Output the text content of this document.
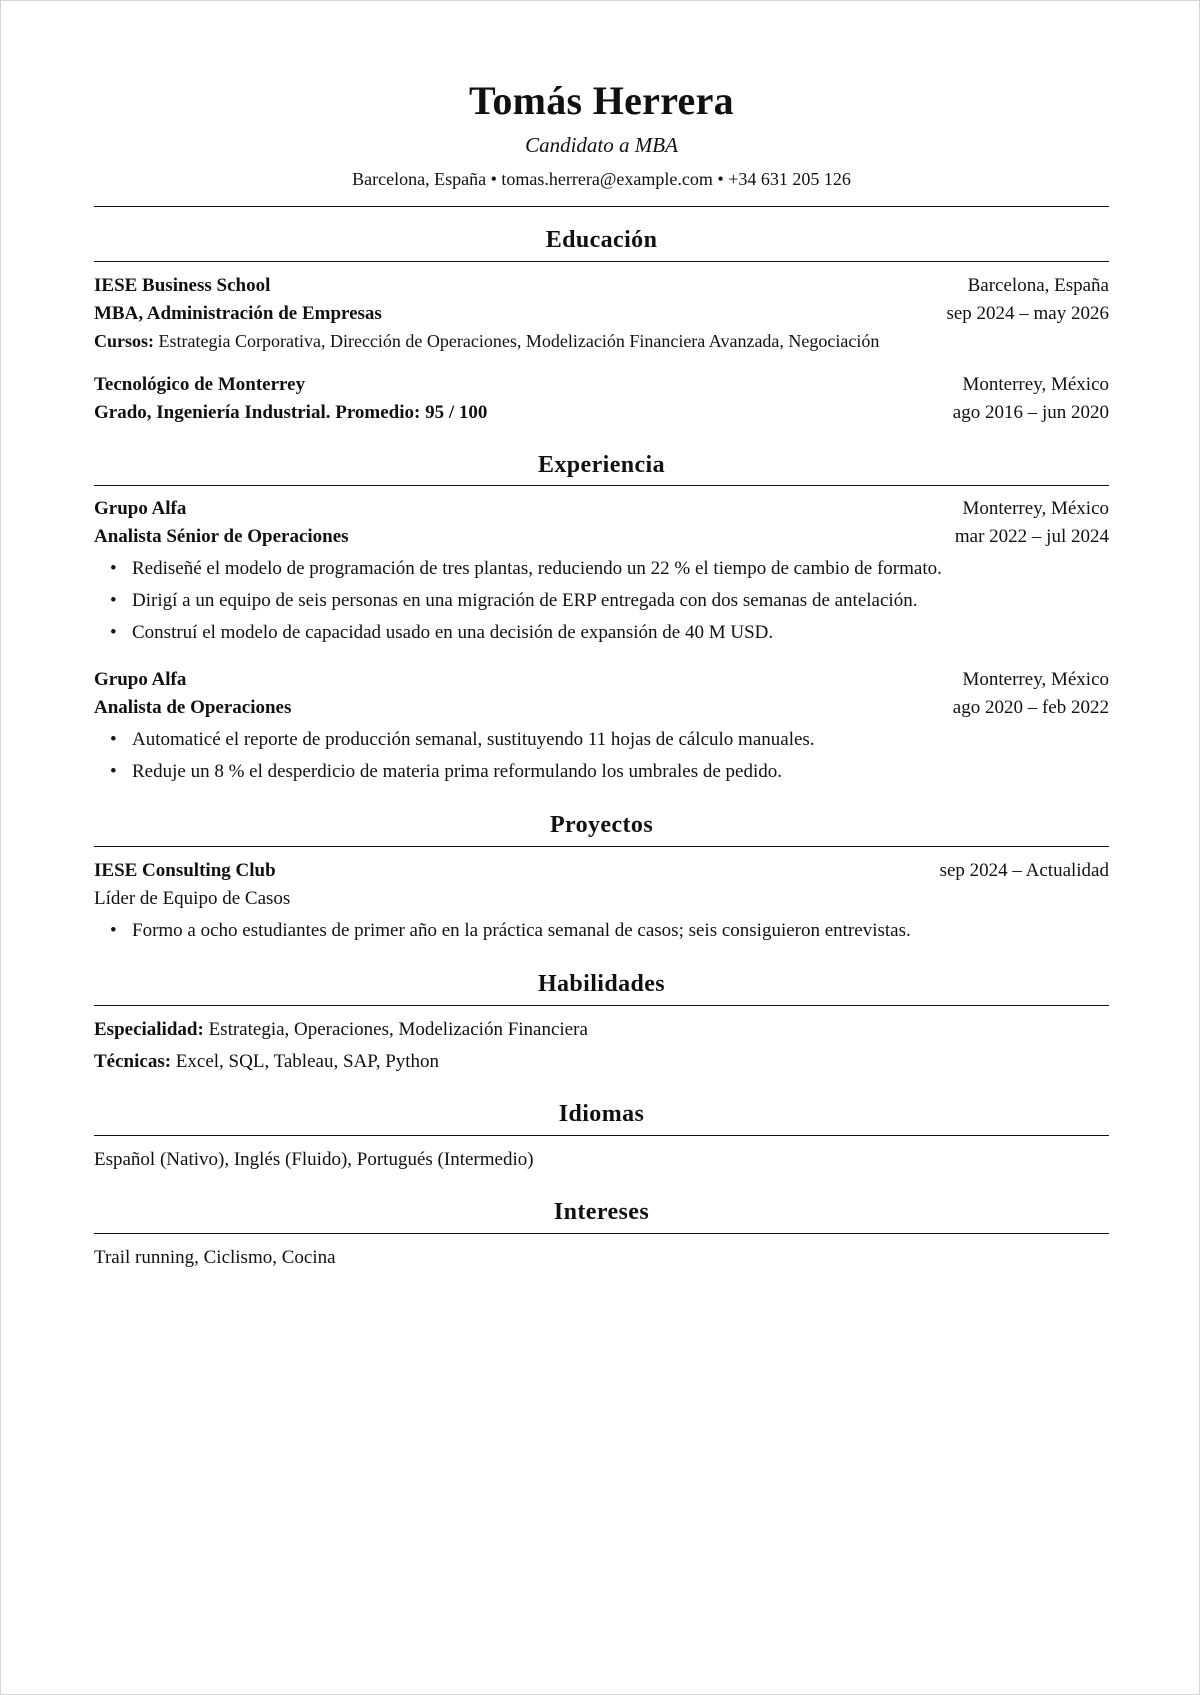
Tomás Herrera
Candidato a MBA
Barcelona, España • tomas.herrera@example.com • +34 631 205 126
Educación
IESE Business School	Barcelona, España
MBA, Administración de Empresas	sep 2024 – may 2026
Cursos: Estrategia Corporativa, Dirección de Operaciones, Modelización Financiera Avanzada, Negociación
Tecnológico de Monterrey	Monterrey, México
Grado, Ingeniería Industrial. Promedio: 95 / 100	ago 2016 – jun 2020
Experiencia
Grupo Alfa	Monterrey, México
Analista Sénior de Operaciones	mar 2022 – jul 2024
• Rediseñé el modelo de programación de tres plantas, reduciendo un 22 % el tiempo de cambio de formato.
• Dirigí a un equipo de seis personas en una migración de ERP entregada con dos semanas de antelación.
• Construí el modelo de capacidad usado en una decisión de expansión de 40 M USD.
Grupo Alfa	Monterrey, México
Analista de Operaciones	ago 2020 – feb 2022
• Automaticé el reporte de producción semanal, sustituyendo 11 hojas de cálculo manuales.
• Reduje un 8 % el desperdicio de materia prima reformulando los umbrales de pedido.
Proyectos
IESE Consulting Club	sep 2024 – Actualidad
Líder de Equipo de Casos
• Formo a ocho estudiantes de primer año en la práctica semanal de casos; seis consiguieron entrevistas.
Habilidades
Especialidad: Estrategia, Operaciones, Modelización Financiera
Técnicas: Excel, SQL, Tableau, SAP, Python
Idiomas
Español (Nativo), Inglés (Fluido), Portugués (Intermedio)
Intereses
Trail running, Ciclismo, Cocina
